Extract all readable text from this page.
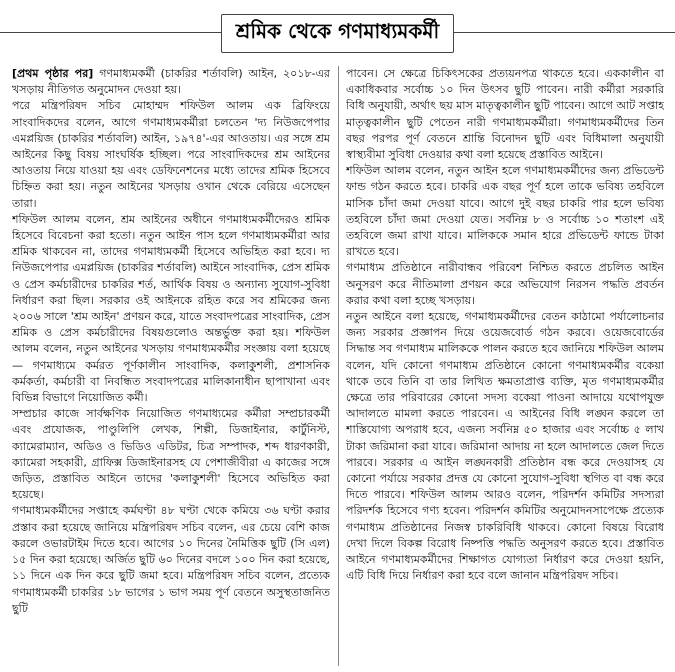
শ্রমিক থেকে গণমাধ্যমকর্মী

[প্রথম পৃষ্ঠার পর] গণমাধ্যমকর্মী (চাকরির শর্তাবলি) আইন, ২০১৮-এর খসড়ায় নীতিগত অনুমোদন দেওয়া হয়।

পরে মন্ত্রিপরিষদ সচিব মোহাম্মদ শফিউল আলম এক ব্রিফিংয়ে সাংবাদিকদের বলেন, আগে গণমাধ্যমকর্মীরা চলতেন 'দ্য নিউজপেপার এমপ্লয়িজ (চাকরির শর্তাবলি) আইন, ১৯৭৪'-এর আওতায়। এর সঙ্গে শ্রম আইনের কিছু বিষয় সাংঘর্ষিক হচ্ছিল। পরে সাংবাদিকদের শ্রম আইনের আওতায় নিয়ে যাওয়া হয় এবং ডেফিনেশনের মধ্যে তাদের শ্রমিক হিসেবে চিহ্নিত করা হয়। নতুন আইনের খসড়ায় ওখান থেকে বেরিয়ে এসেছেন তারা।

শফিউল আলম বলেন, শ্রম আইনের অধীনে গণমাধ্যমকর্মীদেরও শ্রমিক হিসেবে বিবেচনা করা হতো। নতুন আইন পাস হলে গণমাধ্যমকর্মীরা আর শ্রমিক থাকবেন না, তাদের গণমাধ্যমকর্মী হিসেবে অভিহিত করা হবে। দ্য নিউজপেপার এমপ্লয়িজ (চাকরির শর্তাবলি) আইনে সাংবাদিক, প্রেস শ্রমিক ও প্রেস কর্মচারীদের চাকরির শর্ত, আর্থিক বিষয় ও অন্যান্য সুযোগ-সুবিধা নির্ধারণ করা ছিল। সরকার ওই আইনকে রহিত করে সব শ্রমিকের জন্য ২০০৬ সালে 'শ্রম আইন' প্রণয়ন করে, যাতে সংবাদপত্রের সাংবাদিক, প্রেস শ্রমিক ও প্রেস কর্মচারীদের বিষয়গুলোও অন্তর্ভুক্ত করা হয়। শফিউল আলম বলেন, নতুন আইনের খসড়ায় গণমাধ্যমকর্মীর সংজ্ঞায় বলা হয়েছে— গণমাধ্যমে কর্মরত পূর্ণকালীন সাংবাদিক, কলাকুশলী, প্রশাসনিক কর্মকর্তা, কর্মচারী বা নিবন্ধিত সংবাদপত্রের মালিকানাধীন ছাপাখানা এবং বিভিন্ন বিভাগে নিয়োজিত কর্মী।

সম্প্রচার কাজে সার্বক্ষণিক নিয়োজিত গণমাধ্যমের কর্মীরা সম্প্রচারকর্মী এবং প্রযোজক, পাণ্ডুলিপি লেখক, শিল্পী, ডিজাইনার, কার্টুনিস্ট, ক্যামেরাম্যান, অডিও ও ভিডিও এডিটর, চিত্র সম্পাদক, শব্দ ধারণকারী, ক্যামেরা সহকারী, গ্রাফিক্স ডিজাইনারসহ যে পেশাজীবীরা এ কাজের সঙ্গে জড়িত, প্রস্তাবিত আইনে তাদের 'কলাকুশলী' হিসেবে অভিহিত করা হয়েছে।

গণমাধ্যমকর্মীদের সপ্তাহে কর্মঘণ্টা ৪৮ ঘণ্টা থেকে কমিয়ে ৩৬ ঘণ্টা করার প্রস্তাব করা হয়েছে জানিয়ে মন্ত্রিপরিষদ সচিব বলেন, এর চেয়ে বেশি কাজ করলে ওভারটাইম দিতে হবে। আগের ১০ দিনের নৈমিত্তিক ছুটি (সি এল) ১৫ দিন করা হয়েছে। অর্জিত ছুটি ৬০ দিনের বদলে ১০০ দিন করা হয়েছে, ১১ দিনে এক দিন করে ছুটি জমা হবে। মন্ত্রিপরিষদ সচিব বলেন, প্রত্যেক গণমাধ্যমকর্মী চাকরির ১৮ ভাগের ১ ভাগ সময় পূর্ণ বেতনে অসুস্থতাজনিত ছুটি

পাবেন। সে ক্ষেত্রে চিকিৎসকের প্রত্যয়নপত্র থাকতে হবে। এককালীন বা একাধিকবার সর্বোচ্চ ১০ দিন উৎসব ছুটি পাবেন। নারী কর্মীরা সরকারি বিধি অনুযায়ী, অর্থাৎ ছয় মাস মাতৃত্বকালীন ছুটি পাবেন। আগে আট সপ্তাহ মাতৃত্বকালীন ছুটি পেতেন নারী গণমাধ্যমকর্মীরা। গণমাধ্যমকর্মীদের তিন বছর পরপর পূর্ণ বেতনে শ্রান্তি বিনোদন ছুটি এবং বিধিমালা অনুযায়ী স্বাস্থ্যবীমা সুবিধা দেওয়ার কথা বলা হয়েছে প্রস্তাবিত আইনে।

শফিউল আলম বলেন, নতুন আইন হলে গণমাধ্যমকর্মীদের জন্য প্রভিডেন্ট ফান্ড গঠন করতে হবে। চাকরি এক বছর পূর্ণ হলে তাকে ভবিষ্য তহবিলে মাসিক চাঁদা জমা দেওয়া যাবে। আগে দুই বছর চাকরি পার হলে ভবিষ্য তহবিলে চাঁদা জমা দেওয়া যেত। সর্বনিম্ন ৮ ও সর্বোচ্চ ১০ শতাংশ এই তহবিলে জমা রাখা যাবে। মালিককে সমান হারে প্রভিডেন্ট ফান্ডে টাকা রাখতে হবে।

গণমাধ্যম প্রতিষ্ঠানে নারীবান্ধব পরিবেশ নিশ্চিত করতে প্রচলিত আইন অনুসরণ করে নীতিমালা প্রণয়ন করে অভিযোগ নিরসন পদ্ধতি প্রবর্তন করার কথা বলা হচ্ছে খসড়ায়।

নতুন আইনে বলা হয়েছে, গণমাধ্যমকর্মীদের বেতন কাঠামো পর্যালোচনার জন্য সরকার প্রজ্ঞাপন দিয়ে ওয়েজবোর্ড গঠন করবে। ওয়েজবোর্ডের সিদ্ধান্ত সব গণমাধ্যম মালিককে পালন করতে হবে জানিয়ে শফিউল আলম বলেন, যদি কোনো গণমাধ্যম প্রতিষ্ঠানে কোনো গণমাধ্যমকর্মীর বকেয়া থাকে তবে তিনি বা তার লিখিত ক্ষমতাপ্রাপ্ত ব্যক্তি, মৃত গণমাধ্যমকর্মীর ক্ষেত্রে তার পরিবারের কোনো সদস্য বকেয়া পাওনা আদায়ে যথোপযুক্ত আদালতে মামলা করতে পারবেন। এ আইনের বিধি লঙ্ঘন করলে তা শাস্তিযোগ্য অপরাধ হবে, এজন্য সর্বনিম্ন ৫০ হাজার এবং সর্বোচ্চ ৫ লাখ টাকা জরিমানা করা যাবে। জরিমানা আদায় না হলে আদালতে জেল দিতে পারবে। সরকার এ আইন লঙ্ঘনকারী প্রতিষ্ঠান বন্ধ করে দেওয়াসহ যে কোনো পর্যায়ে সরকার প্রদত্ত যে কোনো সুযোগ-সুবিধা স্থগিত বা বন্ধ করে দিতে পারবে। শফিউল আলম আরও বলেন, পরিদর্শন কমিটির সদস্যরা পরিদর্শক হিসেবে গণ্য হবেন। পরিদর্শন কমিটির অনুমোদনসাপেক্ষে প্রত্যেক গণমাধ্যম প্রতিষ্ঠানের নিজস্ব চাকরিবিধি থাকবে। কোনো বিষয়ে বিরোধ দেখা দিলে বিকল্প বিরোধ নিষ্পত্তি পদ্ধতি অনুসরণ করতে হবে। প্রস্তাবিত আইনে গণমাধ্যমকর্মীদের শিক্ষাগত যোগ্যতা নির্ধারণ করে দেওয়া হয়নি, এটি বিধি দিয়ে নির্ধারণ করা হবে বলে জানান মন্ত্রিপরিষদ সচিব।
